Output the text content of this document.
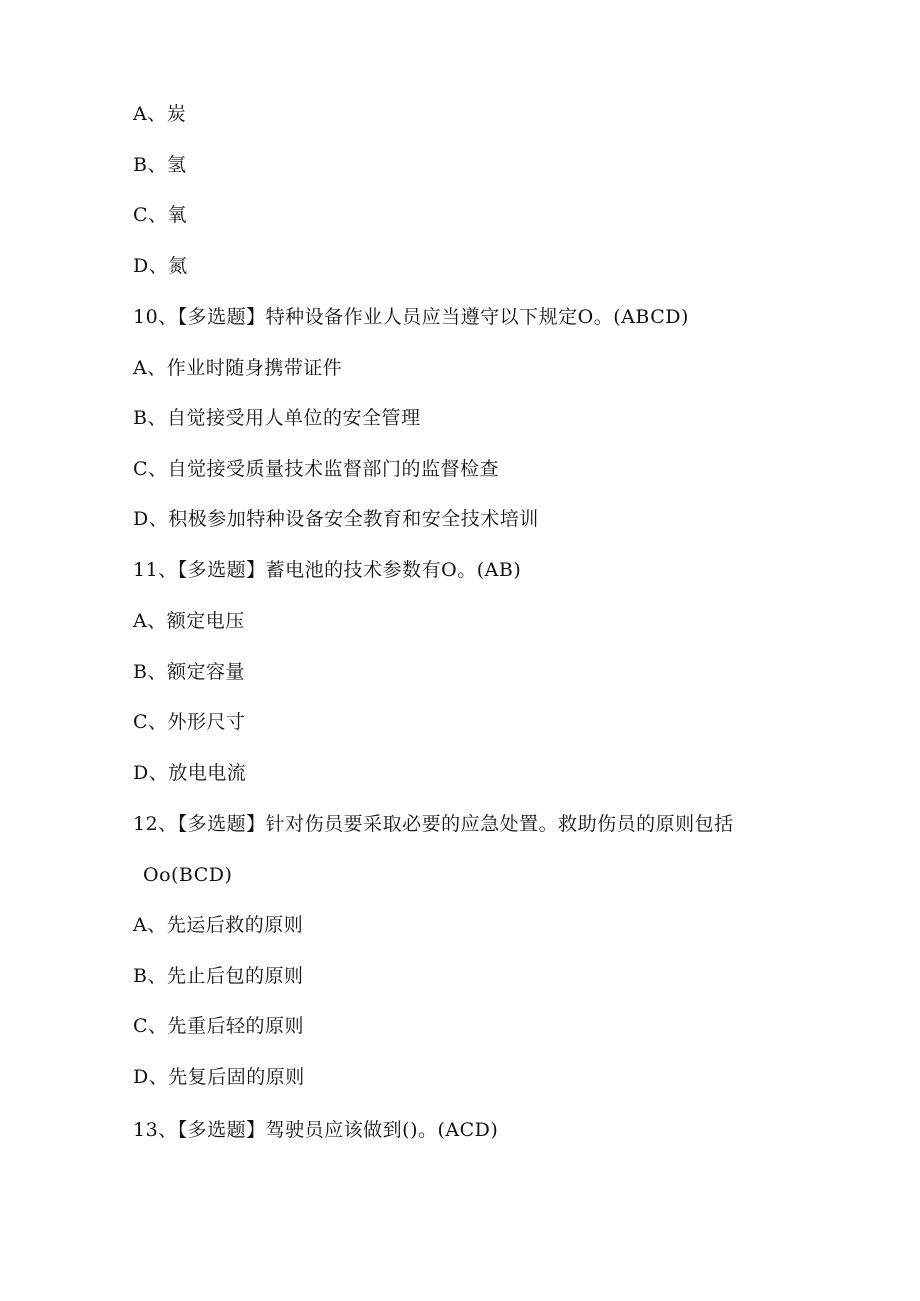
A、炭
B、氢
C、氧
D、氮
10、【多选题】特种设备作业人员应当遵守以下规定O。(ABCD)
A、作业时随身携带证件
B、自觉接受用人单位的安全管理
C、自觉接受质量技术监督部门的监督检查
D、积极参加特种设备安全教育和安全技术培训
11、【多选题】蓄电池的技术参数有O。(AB)
A、额定电压
B、额定容量
C、外形尺寸
D、放电电流
12、【多选题】针对伤员要采取必要的应急处置。救助伤员的原则包括
Oo(BCD)
A、先运后救的原则
B、先止后包的原则
C、先重后轻的原则
D、先复后固的原则
13、【多选题】驾驶员应该做到()。(ACD)
